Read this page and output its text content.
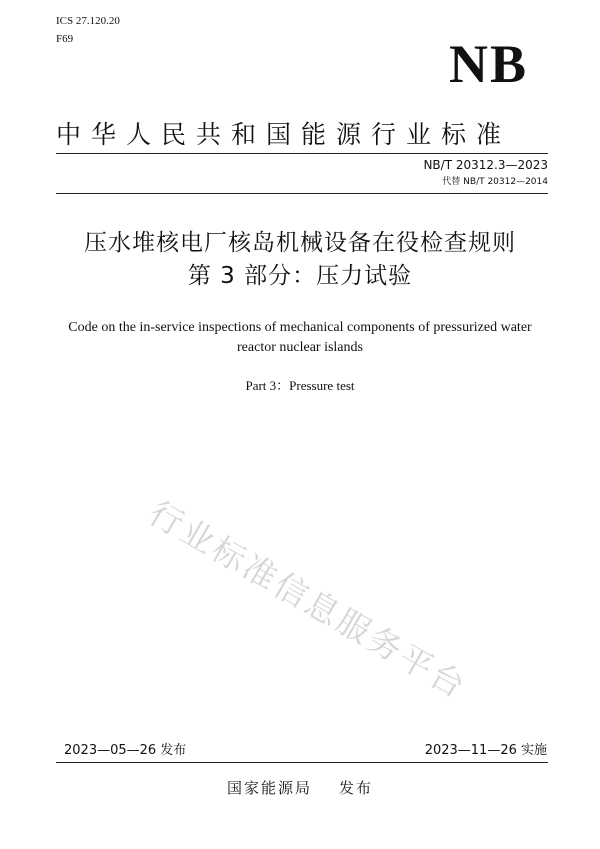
ICS 27.120.20
F69	NB
中华人民共和国能源行业标准
NB/T 20312.3—2023
代替 NB/T 20312—2014
压水堆核电厂核岛机械设备在役检查规则
第 3 部分：压力试验
Code on the in-service inspections of mechanical components of pressurized water
reactor nuclear islands
Part 3：Pressure test
行业标准信息服务平台
2023—05—26 发布	2023—11—26 实施
国家能源局    发布
